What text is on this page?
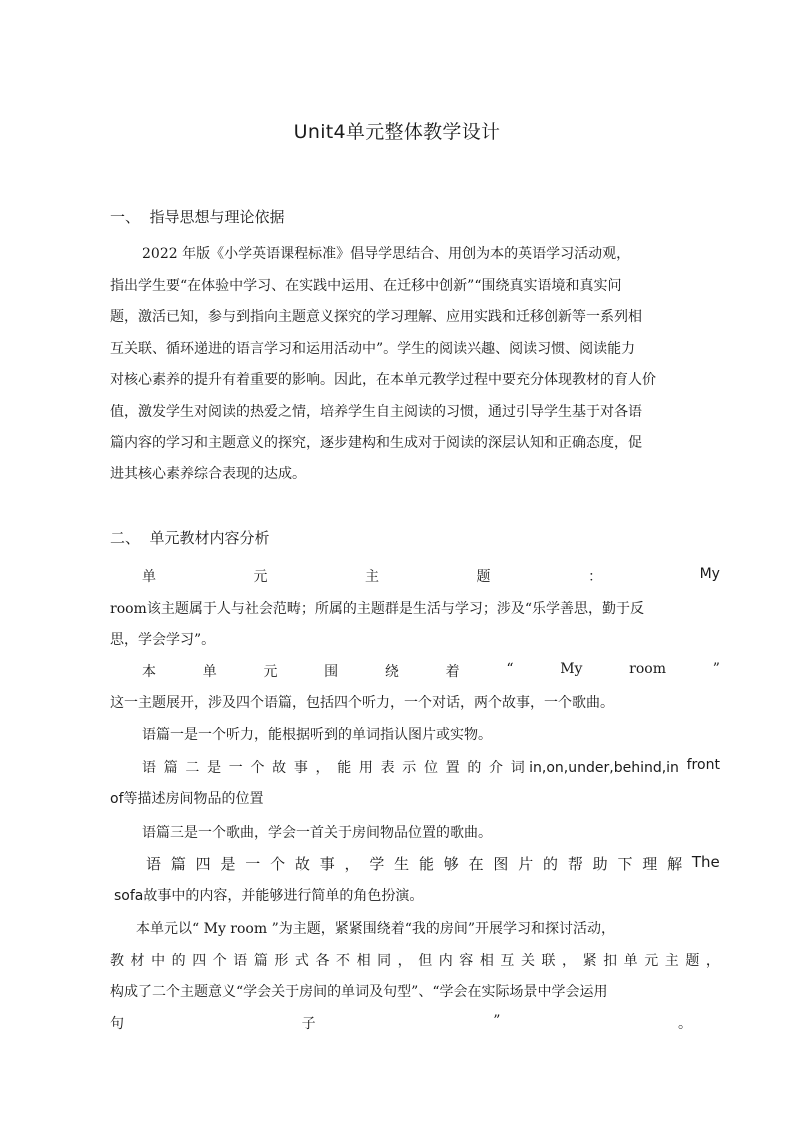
Unit4单元整体教学设计
一、  指导思想与理论依据
2022 年版《小学英语课程标准》倡导学思结合、用创为本的英语学习活动观，
指出学生要“在体验中学习、在实践中运用、在迁移中创新”“围绕真实语境和真实问
题，激活已知，参与到指向主题意义探究的学习理解、应用实践和迁移创新等一系列相
互关联、循环递进的语言学习和运用活动中”。学生的阅读兴趣、阅读习惯、阅读能力
对核心素养的提升有着重要的影响。因此，在本单元教学过程中要充分体现教材的育人价
值，激发学生对阅读的热爱之情，培养学生自主阅读的习惯，通过引导学生基于对各语
篇内容的学习和主题意义的探究，逐步建构和生成对于阅读的深层认知和正确态度，促
进其核心素养综合表现的达成。
二、  单元教材内容分析
单	元	主	题	：	My
room该主题属于人与社会范畴；所属的主题群是生活与学习；涉及“乐学善思，勤于反
思，学会学习”。
本	单	元	围	绕	着	“	My	room	”
这一主题展开，涉及四个语篇，包括四个听力，一个对话，两个故事，一个歌曲。
语篇一是一个听力，能根据听到的单词指认图片或实物。
语 篇 二 是 一 个 故 事 ， 能 用 表 示 位 置 的 介 词 in,on,under,behind,in front
of等描述房间物品的位置
语篇三是一个歌曲，学会一首关于房间物品位置的歌曲。
语 篇 四 是 一 个 故 事 ， 学 生 能 够 在 图 片 的 帮 助 下 理 解 The
sofa故事中的内容，并能够进行简单的角色扮演。
本单元以“ My room ”为主题，紧紧围绕着“我的房间”开展学习和探讨活动，
教 材 中 的 四 个 语 篇 形 式 各 不 相 同 ， 但 内 容 相 互 关 联 ， 紧 扣 单 元 主 题 ，
构成了二个主题意义“学会关于房间的单词及句型”、“学会在实际场景中学会运用
句	子	”	。
